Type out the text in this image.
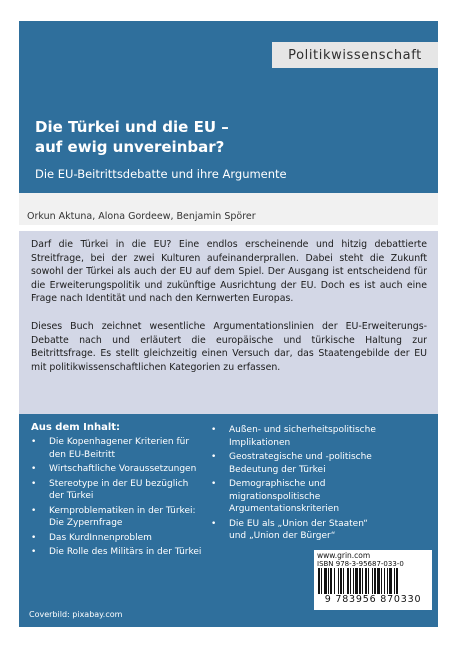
Politikwissenschaft
Die Türkei und die EU –
auf ewig unvereinbar?
Die EU-Beitrittsdebatte und ihre Argumente
Orkun Aktuna, Alona Gordeew, Benjamin Spörer

Darf die Türkei in die EU? Eine endlos erscheinende und hitzig debattierte Streitfrage, bei der zwei Kulturen aufeinanderprallen. Dabei steht die Zukunft sowohl der Türkei als auch der EU auf dem Spiel. Der Ausgang ist entscheidend für die Erweiterungspolitik und zukünftige Ausrichtung der EU. Doch es ist auch eine Frage nach Identität und nach den Kernwerten Europas.

Dieses Buch zeichnet wesentliche Argumentationslinien der EU-Erweiterungs-Debatte nach und erläutert die europäische und türkische Haltung zur Beitrittsfrage. Es stellt gleichzeitig einen Versuch dar, das Staatengebilde der EU mit politikwissenschaftlichen Kategorien zu erfassen.

Aus dem Inhalt:
• Die Kopenhagener Kriterien für den EU-Beitritt
• Wirtschaftliche Voraussetzungen
• Stereotype in der EU bezüglich der Türkei
• Kernproblematiken in der Türkei: Die Zypernfrage
• Das KurdInnenproblem
• Die Rolle des Militärs in der Türkei
• Außen- und sicherheitspolitische Implikationen
• Geostrategische und -politische Bedeutung der Türkei
• Demographische und migrationspolitische Argumentationskriterien
• Die EU als „Union der Staaten“ und „Union der Bürger“
Coverbild: pixabay.com
www.grin.com
ISBN 978-3-95687-033-0
9 783956 870330
